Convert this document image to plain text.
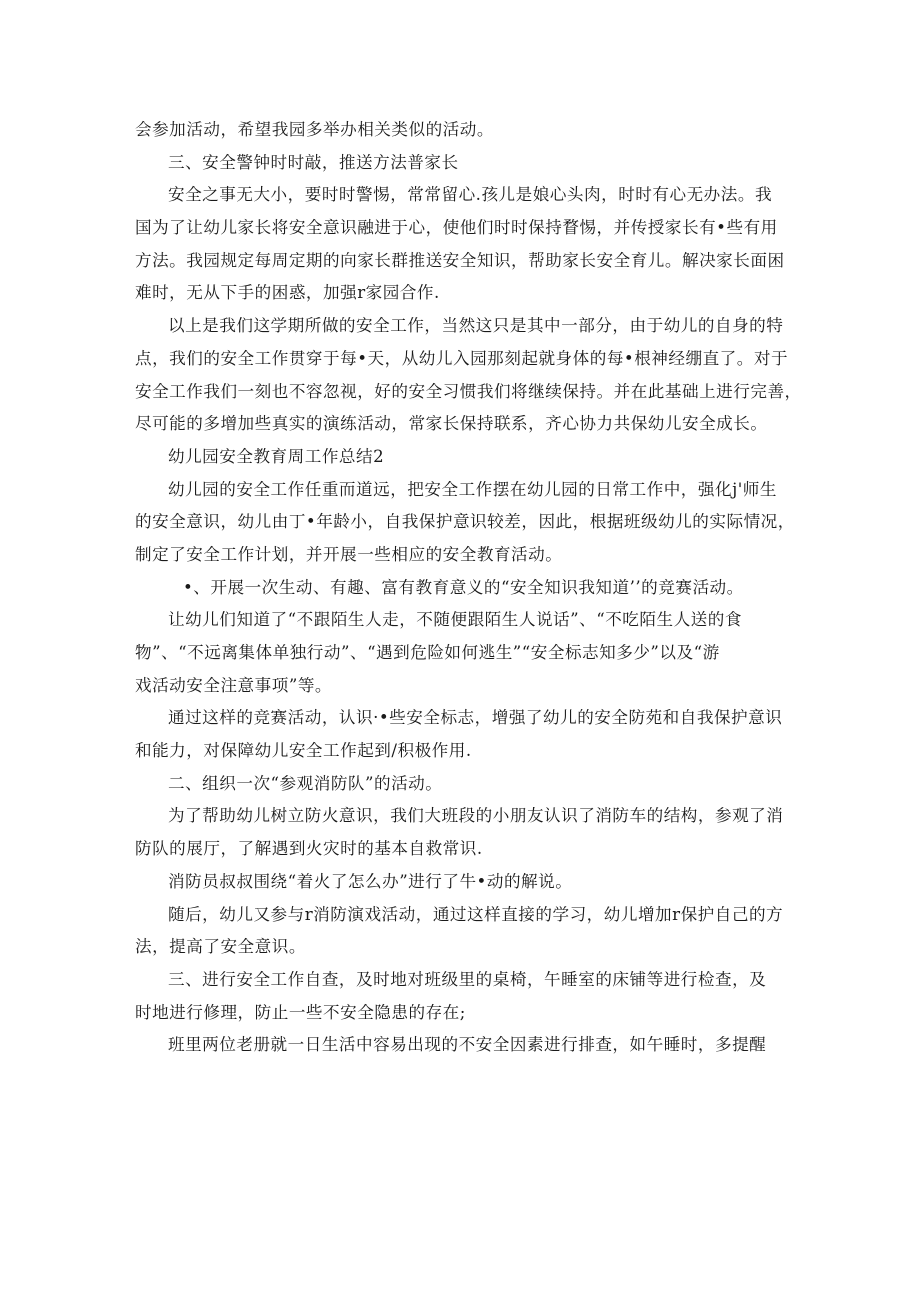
会参加活动，希望我园多举办相关类似的活动。
三、安全警钟时时敲，推送方法普家长
安全之事无大小，要时时警惕，常常留心.孩儿是娘心头肉，时时有心无办法。我
国为了让幼儿家长将安全意识融进于心，使他们时时保持瞀惕，并传授家长有•些有用
方法。我园规定每周定期的向家长群推送安全知识，帮助家长安全育儿。解决家长面困
难时，无从下手的困惑，加强r家园合作.
以上是我们这学期所做的安全工作，当然这只是其中一部分，由于幼儿的自身的特
点，我们的安全工作贯穿于每•天，从幼儿入园那刻起就身体的每•根神经绷直了。对于
安全工作我们一刻也不容忽视，好的安全习惯我们将继续保持。并在此基础上进行完善，
尽可能的多增加些真实的演练活动，常家长保持联系，齐心协力共保幼儿安全成长。
幼儿园安全教育周工作总结2
幼儿园的安全工作任重而道远，把安全工作摆在幼儿园的日常工作中，强化j'师生
的安全意识，幼儿由丁•年龄小，自我保护意识较差，因此，根据班级幼儿的实际情况，
制定了安全工作计划，并开展一些相应的安全教育活动。
•、开展一次生动、有趣、富有教育意义的“安全知识我知道’’的竞赛活动。
让幼儿们知道了“不跟陌生人走，不随便跟陌生人说话”、“不吃陌生人送的食
物”、“不远离集体单独行动”、“遇到危险如何逃生”“安全标志知多少”以及“游
戏活动安全注意事项”等。
通过这样的竞赛活动，认识·•些安全标志，增强了幼儿的安全防苑和自我保护意识
和能力，对保障幼儿安全工作起到/积极作用.
二、组织一次“参观消防队”的活动。
为了帮助幼儿树立防火意识，我们大班段的小朋友认识了消防车的结构，参观了消
防队的展厅，了解遇到火灾时的基本自救常识.
消防员叔叔围绕“着火了怎么办”进行了牛•动的解说。
随后，幼儿又参与r消防演戏活动，通过这样直接的学习，幼儿增加r保护自己的方
法，提高了安全意识。
三、进行安全工作自查，及时地对班级里的桌椅，午睡室的床铺等进行检查，及
时地进行修理，防止一些不安全隐患的存在;
班里两位老册就一日生活中容易出现的不安全因素进行排查，如午睡时，多提醒
